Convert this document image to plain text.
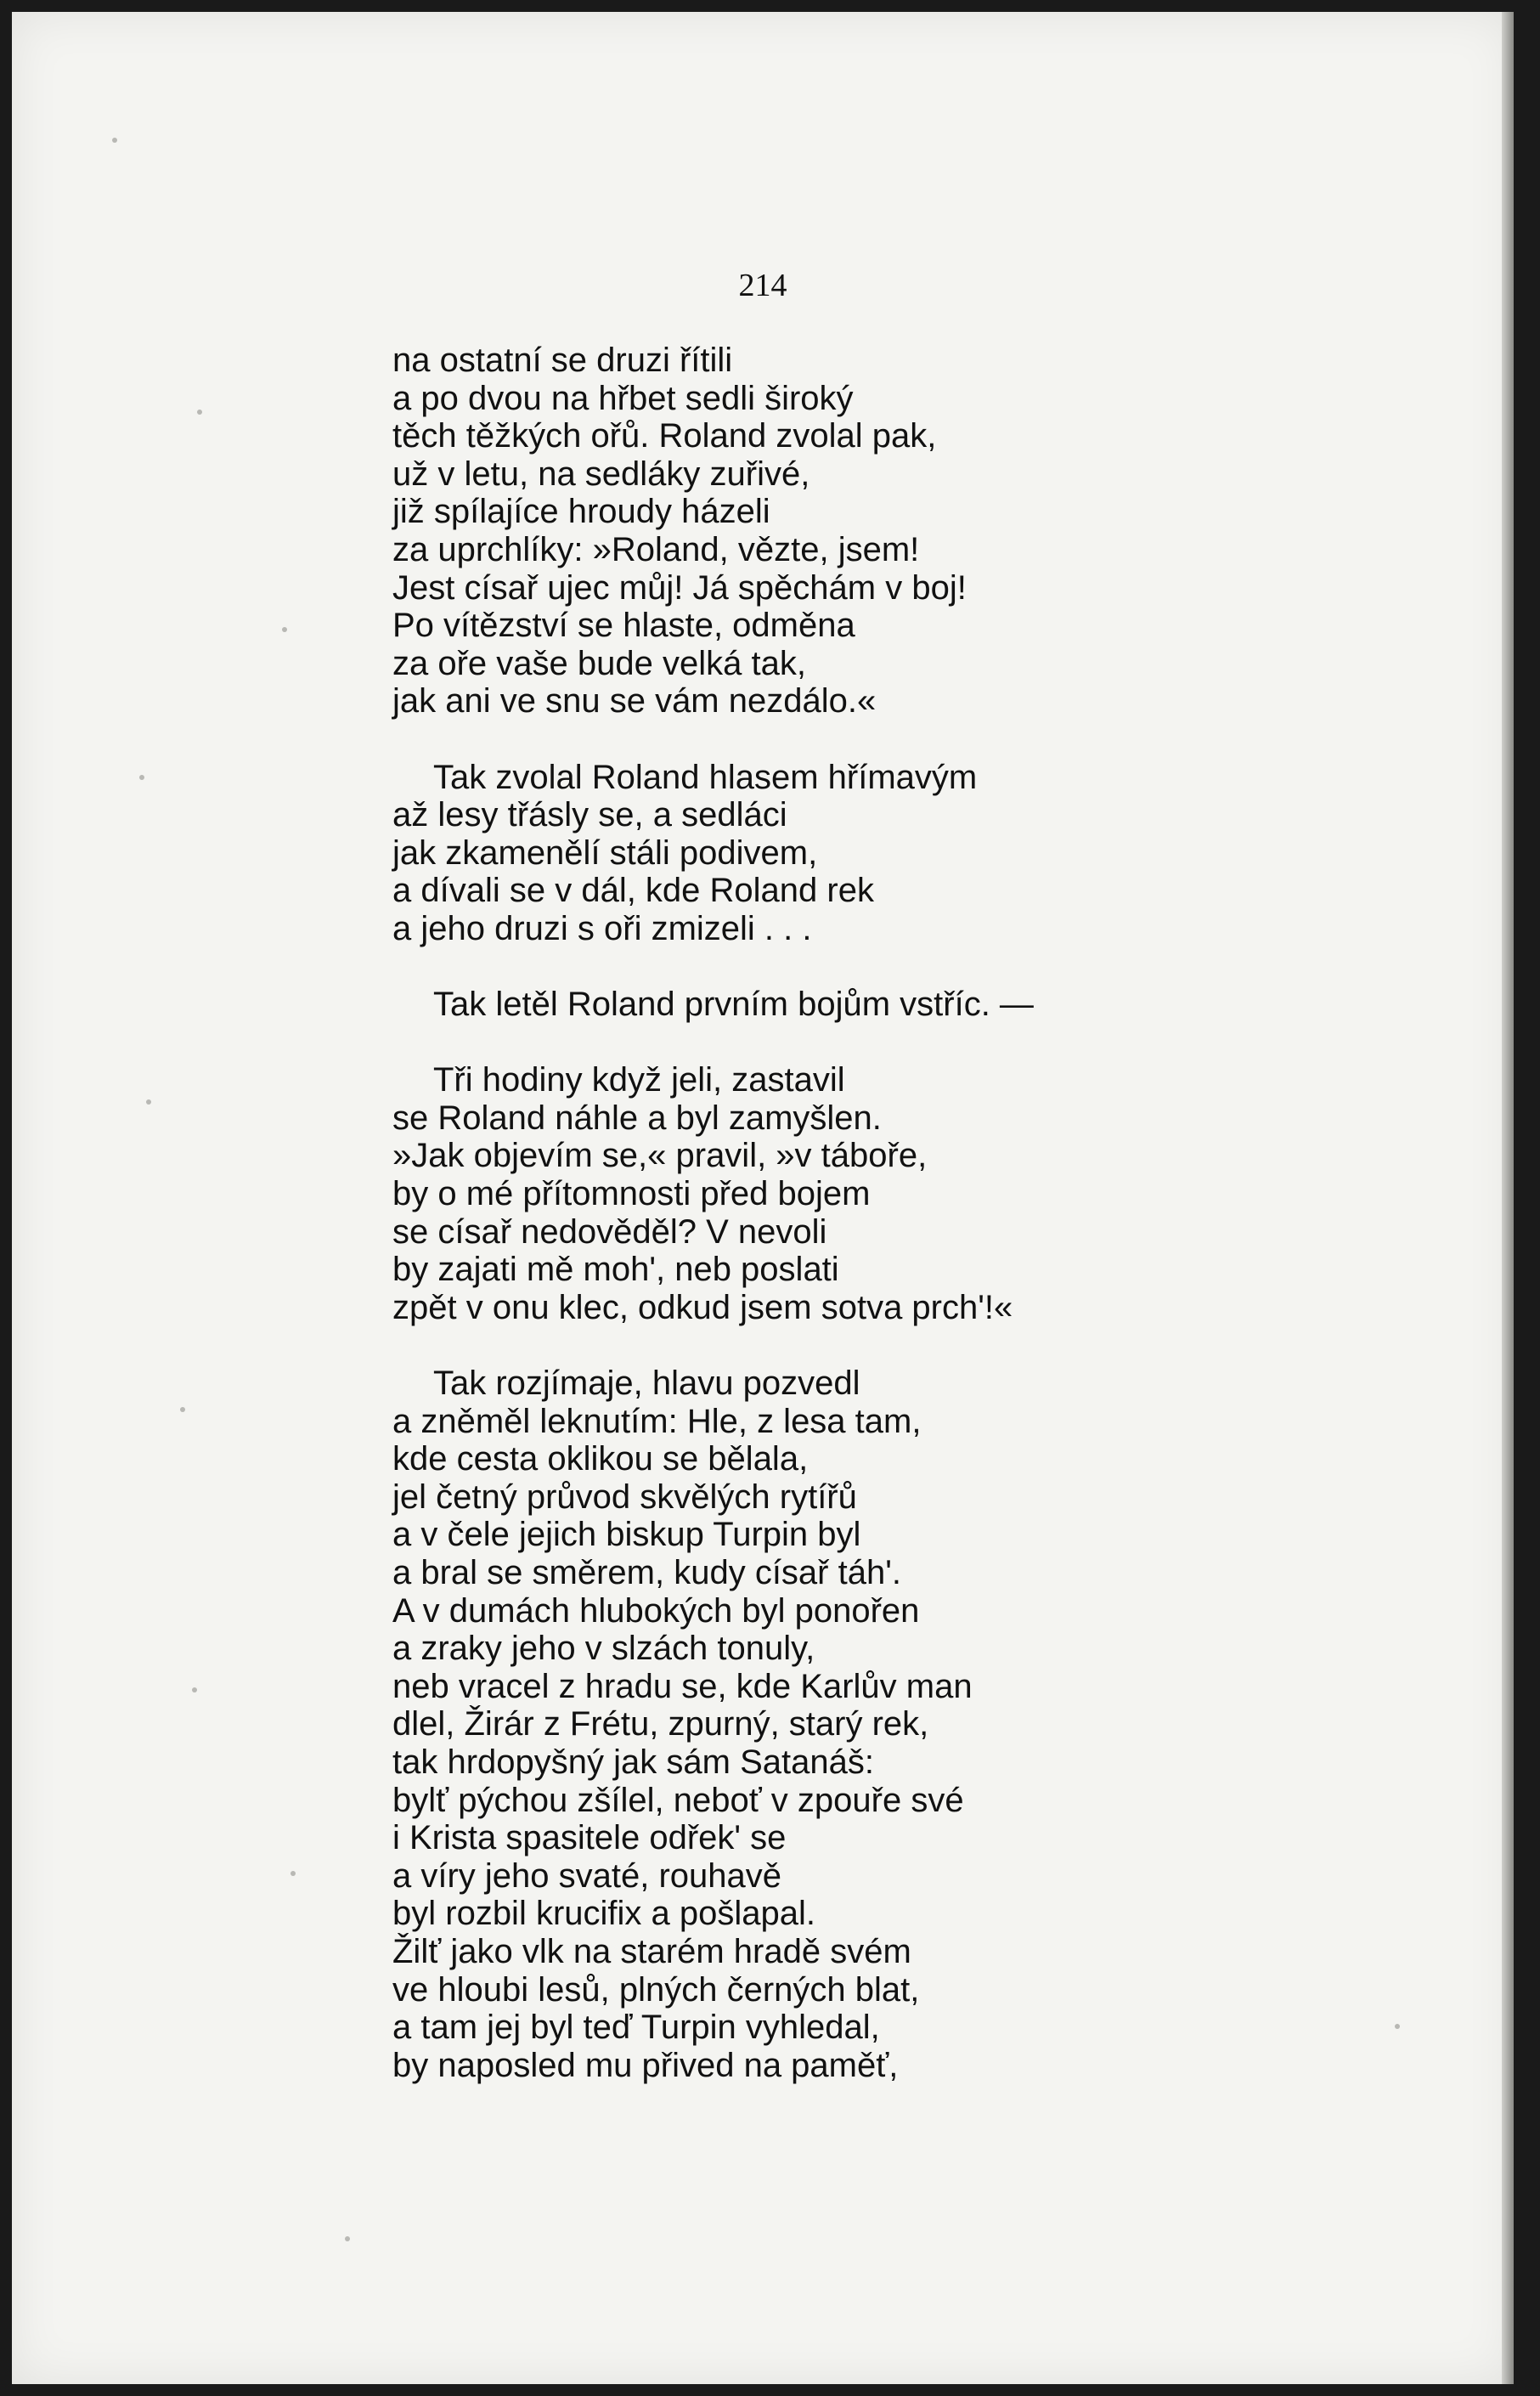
214
na ostatní se druzi řítili
a po dvou na hřbet sedli široký
těch těžkých ořů. Roland zvolal pak,
už v letu, na sedláky zuřivé,
již spílajíce hroudy házeli
za uprchlíky: »Roland, vězte, jsem!
Jest císař ujec můj! Já spěchám v boj!
Po vítězství se hlaste, odměna
za oře vaše bude velká tak,
jak ani ve snu se vám nezdálo.«
Tak zvolal Roland hlasem hřímavým
až lesy třásly se, a sedláci
jak zkamenělí stáli podivem,
a dívali se v dál, kde Roland rek
a jeho druzi s oři zmizeli . . .
Tak letěl Roland prvním bojům vstříc. —
Tři hodiny když jeli, zastavil
se Roland náhle a byl zamyšlen.
»Jak objevím se,« pravil, »v táboře,
by o mé přítomnosti před bojem
se císař nedověděl? V nevoli
by zajati mě moh', neb poslati
zpět v onu klec, odkud jsem sotva prch'!«
Tak rozjímaje, hlavu pozvedl
a zněměl leknutím: Hle, z lesa tam,
kde cesta oklikou se bělala,
jel četný průvod skvělých rytířů
a v čele jejich biskup Turpin byl
a bral se směrem, kudy císař táh'.
A v dumách hlubokých byl ponořen
a zraky jeho v slzách tonuly,
neb vracel z hradu se, kde Karlův man
dlel, Žirár z Frétu, zpurný, starý rek,
tak hrdopyšný jak sám Satanáš:
bylť pýchou zšílel, neboť v zpouře své
i Krista spasitele odřek' se
a víry jeho svaté, rouhavě
byl rozbil krucifix a pošlapal.
Žilť jako vlk na starém hradě svém
ve hloubi lesů, plných černých blat,
a tam jej byl teď Turpin vyhledal,
by naposled mu přived na paměť,
